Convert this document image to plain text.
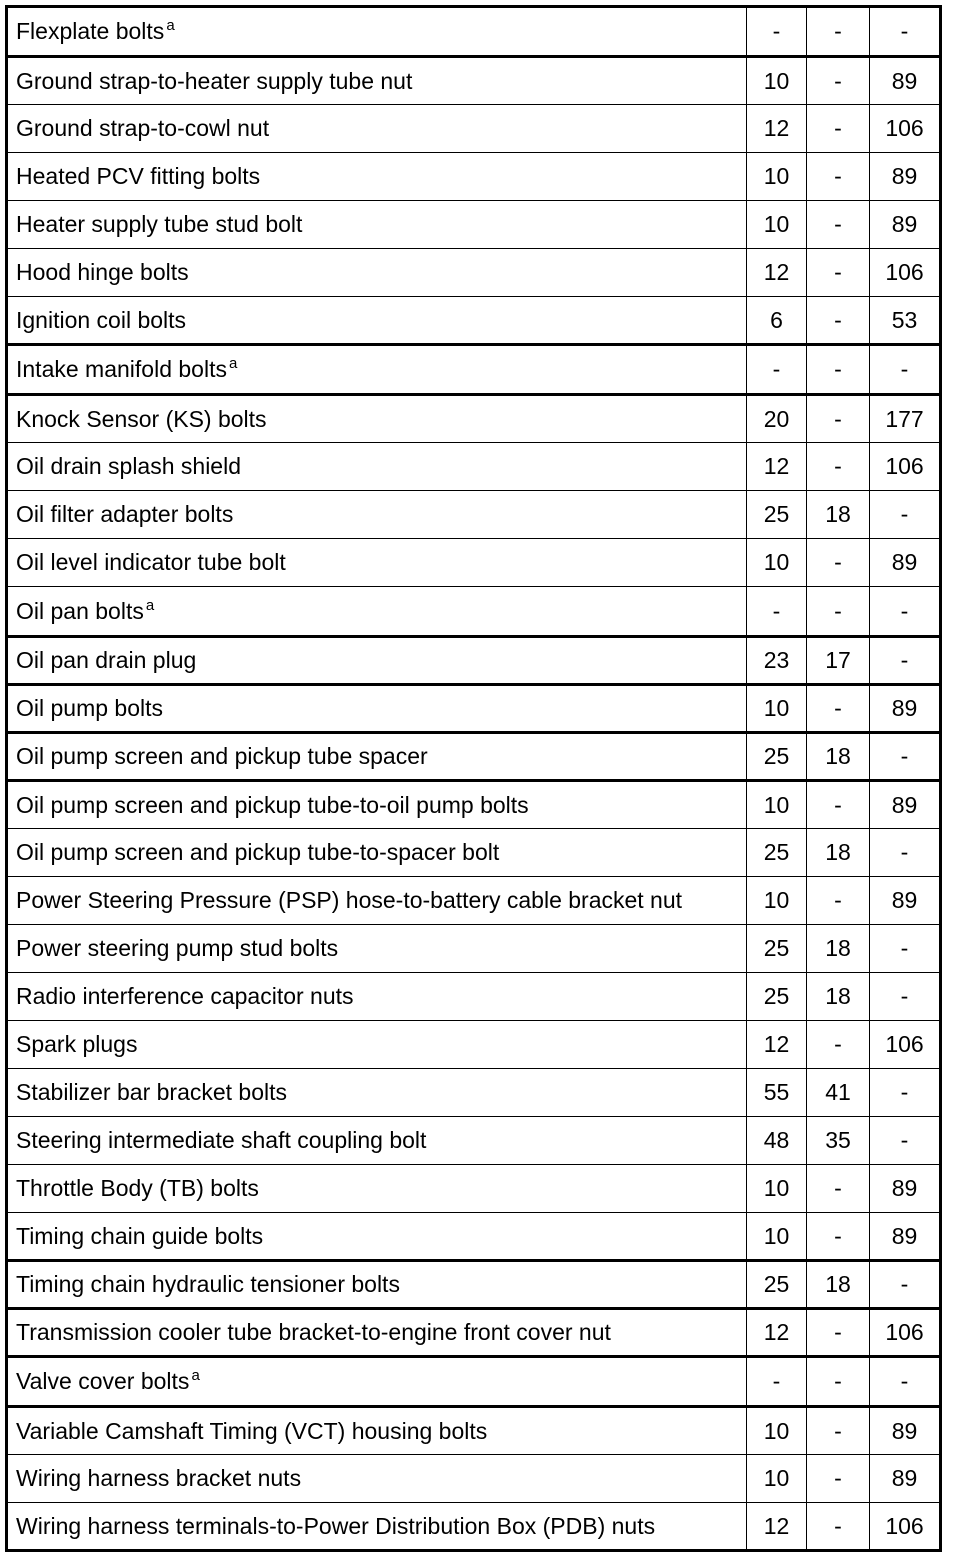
Flexplate bolts $^a$	-	-	-
Ground strap-to-heater supply tube nut	10	-	89
Ground strap-to-cowl nut	12	-	106
Heated PCV fitting bolts	10	-	89
Heater supply tube stud bolt	10	-	89
Hood hinge bolts	12	-	106
Ignition coil bolts	6	-	53
Intake manifold bolts $^a$	-	-	-
Knock Sensor (KS) bolts	20	-	177
Oil drain splash shield	12	-	106
Oil filter adapter bolts	25	18	-
Oil level indicator tube bolt	10	-	89
Oil pan bolts $^a$	-	-	-
Oil pan drain plug	23	17	-
Oil pump bolts	10	-	89
Oil pump screen and pickup tube spacer	25	18	-
Oil pump screen and pickup tube-to-oil pump bolts	10	-	89
Oil pump screen and pickup tube-to-spacer bolt	25	18	-
Power Steering Pressure (PSP) hose-to-battery cable bracket nut	10	-	89
Power steering pump stud bolts	25	18	-
Radio interference capacitor nuts	25	18	-
Spark plugs	12	-	106
Stabilizer bar bracket bolts	55	41	-
Steering intermediate shaft coupling bolt	48	35	-
Throttle Body (TB) bolts	10	-	89
Timing chain guide bolts	10	-	89
Timing chain hydraulic tensioner bolts	25	18	-
Transmission cooler tube bracket-to-engine front cover nut	12	-	106
Valve cover bolts $^a$	-	-	-
Variable Camshaft Timing (VCT) housing bolts	10	-	89
Wiring harness bracket nuts	10	-	89
Wiring harness terminals-to-Power Distribution Box (PDB) nuts	12	-	106
